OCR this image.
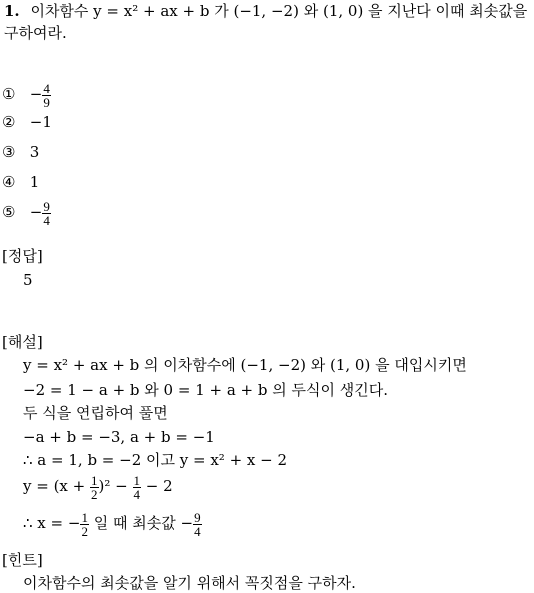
1. 이차함수 y = x² + ax + b 가 (−1, −2) 와 (1, 0) 을 지난다 이때 최솟값을
구하여라.
① − $\frac{4}{9}$
② −1
③ 3
④ 1
⑤ − $\frac{9}{4}$
[정답]
5
[해설]
y = x² + ax + b 의 이차함수에 (−1, −2) 와 (1, 0) 을 대입시키면
−2 = 1 − a + b 와 0 = 1 + a + b 의 두식이 생긴다.
두 식을 연립하여 풀면
−a + b = −3, a + b = −1
∴ a = 1, b = −2 이고 y = x² + x − 2
$y = (x + \frac{1}{2} )^2 - \frac{1}{4} - 2$
∴ x = − $\frac{1}{2}$ 일 때 최솟값 − $\frac{9}{4}$
[힌트]
이차함수의 최솟값을 알기 위해서 꼭짓점을 구하자.
